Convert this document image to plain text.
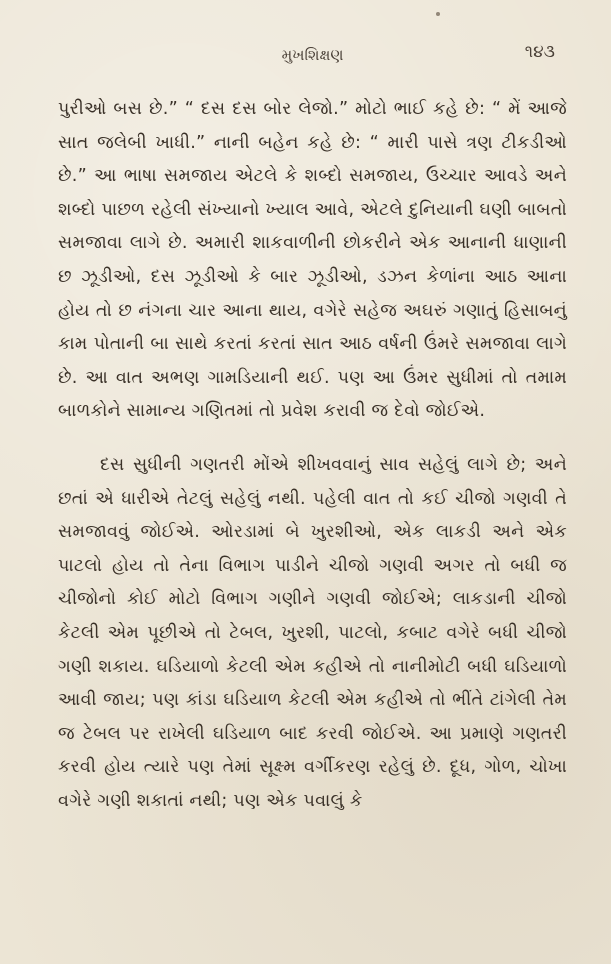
મુખશિક્ષણ	૧૪૩

પુરીઓ બસ છે.” “ દસ દસ બોર લેજો.” મોટો ભાઈ કહે છે: “ મેં આજે સાત જલેબી ખાધી.” નાની બહેન કહે છે: “ મારી પાસે ત્રણ ટીકડીઓ છે.” આ ભાષા સમજાય એટલે કે શબ્દો સમજાય, ઉચ્ચાર આવડે અને શબ્દો પાછળ રહેલી સંખ્યાનો ખ્યાલ આવે, એટલે દુનિયાની ઘણી બાબતો સમજાવા લાગે છે. અમારી શાકવાળીની છોકરીને એક આનાની ધાણાની છ ઝૂડીઓ, દસ ઝૂડીઓ કે બાર ઝૂડીઓ, ડઝન કેળાંના આઠ આના હોય તો છ નંગના ચાર આના થાય, વગેરે સહેજ અઘરું ગણાતું હિસાબનું કામ પોતાની બા સાથે કરતાં કરતાં સાત આઠ વર્ષની ઉંમરે સમજાવા લાગે છે. આ વાત અભણ ગામડિયાની થઈ. પણ આ ઉંમર સુધીમાં તો તમામ બાળકોને સામાન્ય ગણિતમાં તો પ્રવેશ કરાવી જ દેવો જોઈએ.

દસ સુધીની ગણતરી મોંએ શીખવવાનું સાવ સહેલું લાગે છે; અને છતાં એ ધારીએ તેટલું સહેલું નથી. પહેલી વાત તો કઈ ચીજો ગણવી તે સમજાવવું જોઈએ. ઓરડામાં બે ખુરશીઓ, એક લાકડી અને એક પાટલો હોય તો તેના વિભાગ પાડીને ચીજો ગણવી અગર તો બધી જ ચીજોનો કોઈ મોટો વિભાગ ગણીને ગણવી જોઈએ; લાકડાની ચીજો કેટલી એમ પૂછીએ તો ટેબલ, ખુરશી, પાટલો, કબાટ વગેરે બધી ચીજો ગણી શકાય. ઘડિયાળો કેટલી એમ કહીએ તો નાનીમોટી બધી ઘડિયાળો આવી જાય; પણ કાંડા ઘડિયાળ કેટલી એમ કહીએ તો ભીંતે ટાંગેલી તેમ જ ટેબલ પર રાખેલી ઘડિયાળ બાદ કરવી જોઈએ. આ પ્રમાણે ગણતરી કરવી હોય ત્યારે પણ તેમાં સૂક્ષ્મ વર્ગીકરણ રહેલું છે. દૂધ, ગોળ, ચોખા વગેરે ગણી શકાતાં નથી; પણ એક પવાલું કે
